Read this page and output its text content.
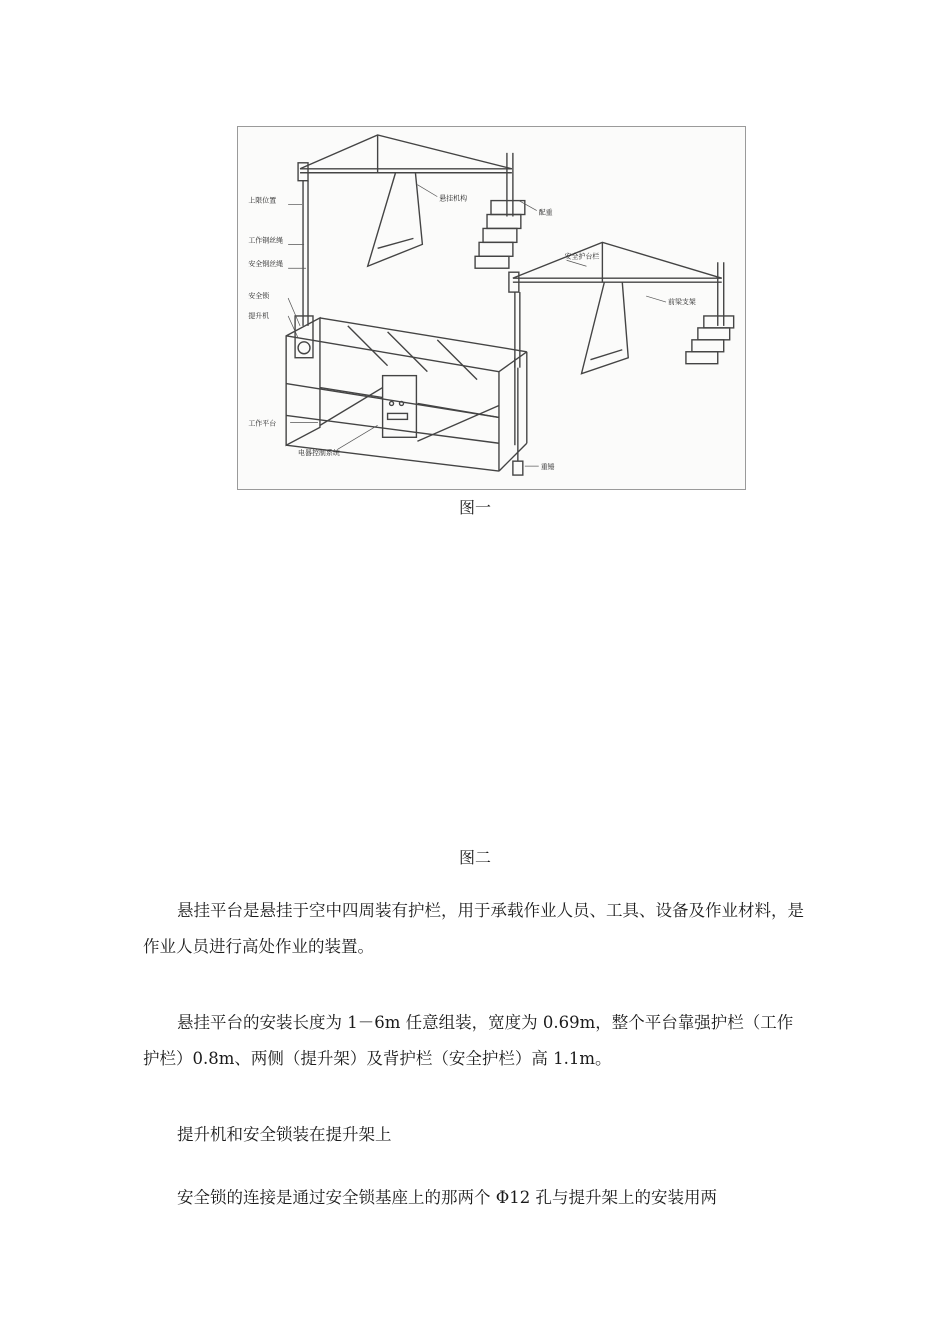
上限位置
工作钢丝绳
安全钢丝绳
安全锁
提升机
悬挂机构
配重
工作平台
电器控制系统
安全护台栏
前梁支架
重锤
图一
图二

悬挂平台是悬挂于空中四周装有护栏，用于承载作业人员、工具、设备及作业材料，是作业人员进行高处作业的装置。

悬挂平台的安装长度为 1－6m 任意组装，宽度为 0.69m，整个平台靠强护栏（工作护栏）0.8m、两侧（提升架）及背护栏（安全护栏）高 1.1m。

提升机和安全锁装在提升架上

安全锁的连接是通过安全锁基座上的那两个 Φ12 孔与提升架上的安装用两
